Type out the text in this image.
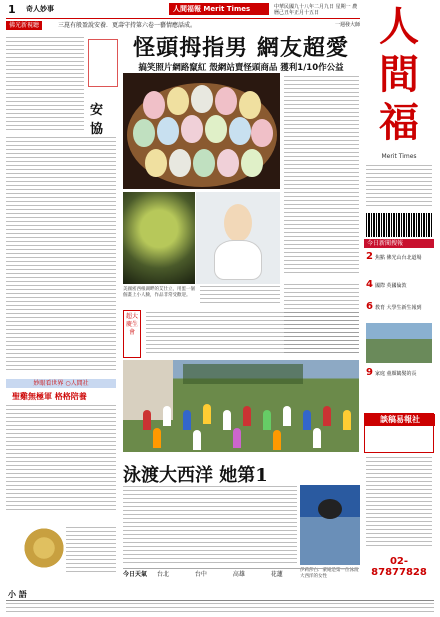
1 奇人妙事	人間福報 Merit Times	中華民國九十八年二月九日 星期一 農曆己丑年正月十五日
佛光新視聽	三崑有般盈說安養．更壽守持第六卷一藝情應話成。	一週發大師
安 協
妙眼看世界 ○人間社
聖雞無極軍 格格陪養
小 語
怪頭拇指男 網友超愛
搞笑照片網路竄紅 殼網站賣怪頭商品 獲利1/10作公益
美國密西根湖畔的艾仕立，用蛋一個個畫上小人臉，作品非常受歡迎。
超大慶生會
泳渡大西洋 她第1
伊莉莎白．蒙她是第一位泳渡大西洋的女性
今日天氣 台北	台中	高雄	花蓮
人
間
福
Merit Times
今日新聞搜報
2 焦點 佛光山台北道場
4 國際 英國倫敦
6 教育 大學生新生報到
9 家庭 童顏鶴髮的長
談稿易報社
02-87877828
